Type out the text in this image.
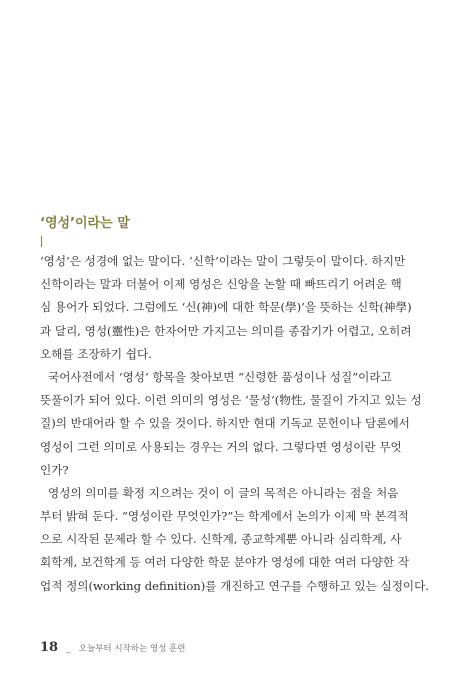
‘영성’이라는 말
‘영성’은 성경에 없는 말이다. ‘신학’이라는 말이 그렇듯이 말이다. 하지만
신학이라는 말과 더불어 이제 영성은 신앙을 논할 때 빠뜨리기 어려운 핵
심 용어가 되었다. 그럼에도 ‘신(神)에 대한 학문(學)’을 뜻하는 신학(神學)
과 달리, 영성(靈性)은 한자어만 가지고는 의미를 종잡기가 어렵고, 오히려
오해를 조장하기 쉽다.
국어사전에서 ‘영성’ 항목을 찾아보면 “신령한 품성이나 성질”이라고
뜻풀이가 되어 있다. 이런 의미의 영성은 ‘물성’(物性, 물질이 가지고 있는 성
질)의 반대어라 할 수 있을 것이다. 하지만 현대 기독교 문헌이나 담론에서
영성이 그런 의미로 사용되는 경우는 거의 없다. 그렇다면 영성이란 무엇
인가?
영성의 의미를 확정 지으려는 것이 이 글의 목적은 아니라는 점을 처음
부터 밝혀 둔다. “영성이란 무엇인가?”는 학계에서 논의가 이제 막 본격적
으로 시작된 문제라 할 수 있다. 신학계, 종교학계뿐 아니라 심리학계, 사
회학계, 보건학계 등 여러 다양한 학문 분야가 영성에 대한 여러 다양한 작
업적 정의(working definition)를 개진하고 연구를 수행하고 있는 실정이다.
18 _ 오늘부터 시작하는 영성 훈련
